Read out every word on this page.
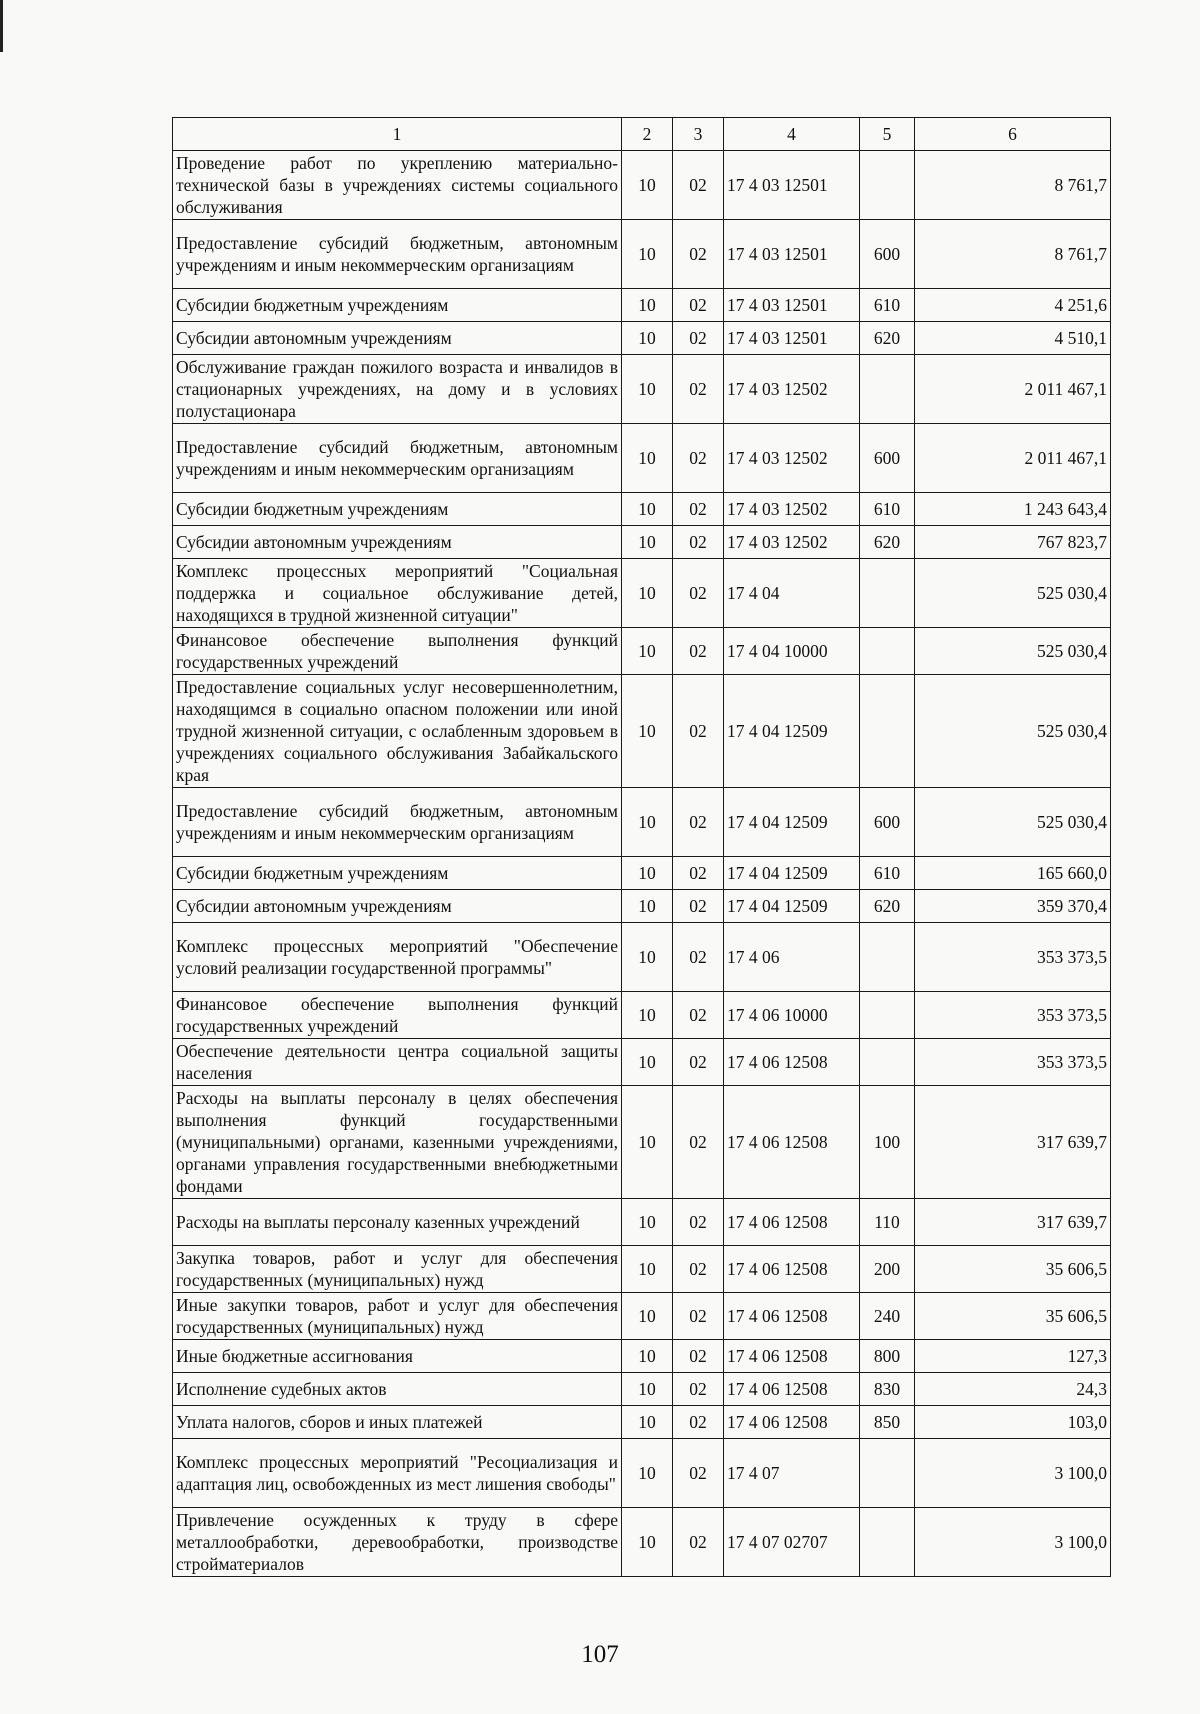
1	2	3	4	5	6
Проведение работ по укреплению материально-технической базы в учреждениях системы социального обслуживания	10	02	17 4 03 12501		8 761,7
Предоставление субсидий бюджетным, автономным учреждениям и иным некоммерческим организациям	10	02	17 4 03 12501	600	8 761,7
Субсидии бюджетным учреждениям	10	02	17 4 03 12501	610	4 251,6
Субсидии автономным учреждениям	10	02	17 4 03 12501	620	4 510,1
Обслуживание граждан пожилого возраста и инвалидов в стационарных учреждениях, на дому и в условиях полустационара	10	02	17 4 03 12502		2 011 467,1
Предоставление субсидий бюджетным, автономным учреждениям и иным некоммерческим организациям	10	02	17 4 03 12502	600	2 011 467,1
Субсидии бюджетным учреждениям	10	02	17 4 03 12502	610	1 243 643,4
Субсидии автономным учреждениям	10	02	17 4 03 12502	620	767 823,7
Комплекс процессных мероприятий "Социальная поддержка и социальное обслуживание детей, находящихся в трудной жизненной ситуации"	10	02	17 4 04		525 030,4
Финансовое обеспечение выполнения функций государственных учреждений	10	02	17 4 04 10000		525 030,4
Предоставление социальных услуг несовершеннолетним, находящимся в социально опасном положении или иной трудной жизненной ситуации, с ослабленным здоровьем в учреждениях социального обслуживания Забайкальского края	10	02	17 4 04 12509		525 030,4
Предоставление субсидий бюджетным, автономным учреждениям и иным некоммерческим организациям	10	02	17 4 04 12509	600	525 030,4
Субсидии бюджетным учреждениям	10	02	17 4 04 12509	610	165 660,0
Субсидии автономным учреждениям	10	02	17 4 04 12509	620	359 370,4
Комплекс процессных мероприятий "Обеспечение условий реализации государственной программы"	10	02	17 4 06		353 373,5
Финансовое обеспечение выполнения функций государственных учреждений	10	02	17 4 06 10000		353 373,5
Обеспечение деятельности центра социальной защиты населения	10	02	17 4 06 12508		353 373,5
Расходы на выплаты персоналу в целях обеспечения выполнения функций государственными (муниципальными) органами, казенными учреждениями, органами управления государственными внебюджетными фондами	10	02	17 4 06 12508	100	317 639,7
Расходы на выплаты персоналу казенных учреждений	10	02	17 4 06 12508	110	317 639,7
Закупка товаров, работ и услуг для обеспечения государственных (муниципальных) нужд	10	02	17 4 06 12508	200	35 606,5
Иные закупки товаров, работ и услуг для обеспечения государственных (муниципальных) нужд	10	02	17 4 06 12508	240	35 606,5
Иные бюджетные ассигнования	10	02	17 4 06 12508	800	127,3
Исполнение судебных актов	10	02	17 4 06 12508	830	24,3
Уплата налогов, сборов и иных платежей	10	02	17 4 06 12508	850	103,0
Комплекс процессных мероприятий "Ресоциализация и адаптация лиц, освобожденных из мест лишения свободы"	10	02	17 4 07		3 100,0
Привлечение осужденных к труду в сфере металлообработки, деревообработки, производстве стройматериалов	10	02	17 4 07 02707		3 100,0
107
